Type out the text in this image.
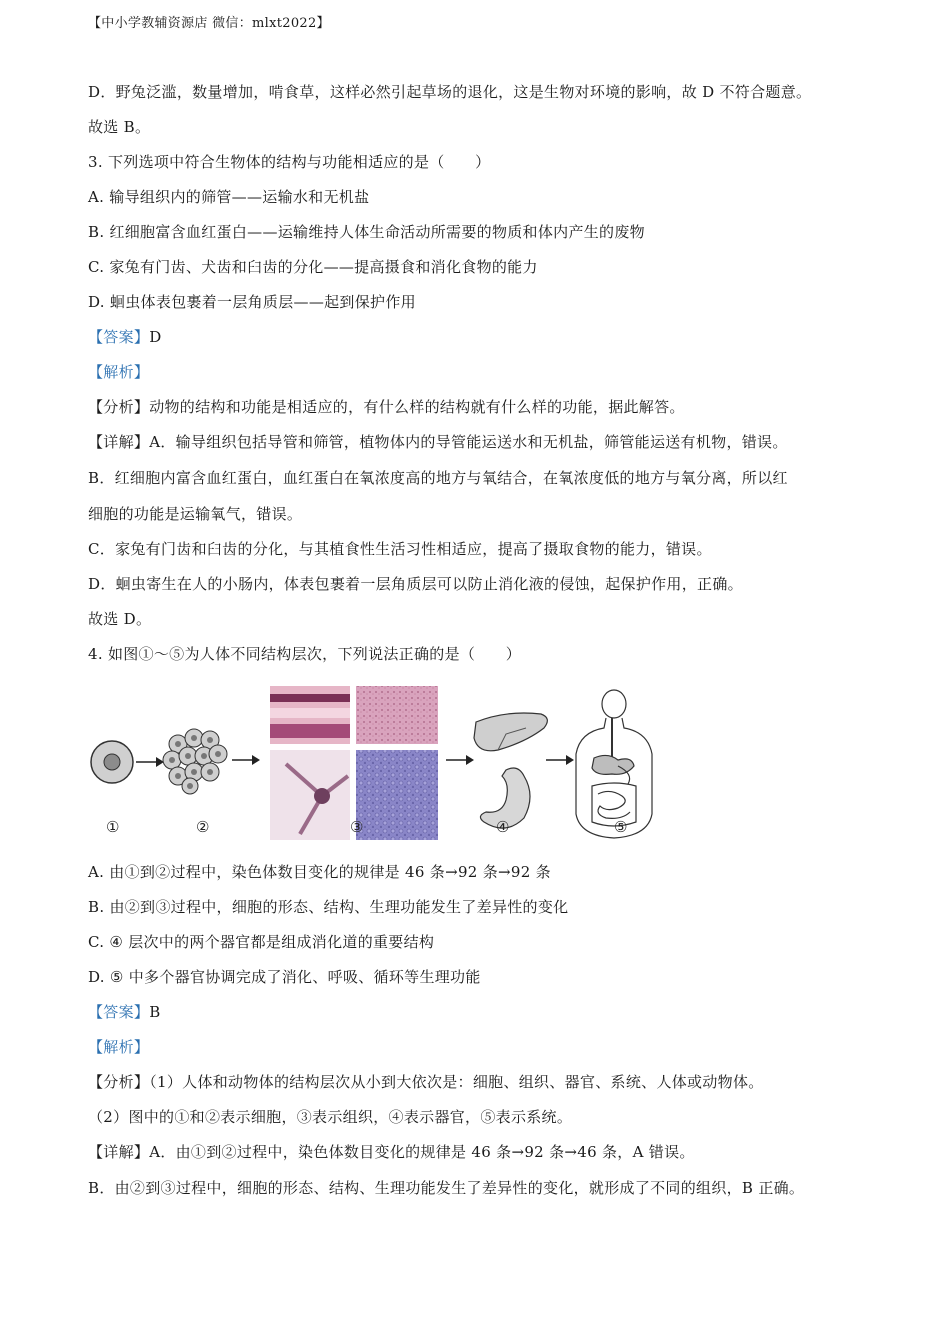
【中小学教辅资源店 微信：mlxt2022】
D．野兔泛滥，数量增加，啃食草，这样必然引起草场的退化，这是生物对环境的影响，故 D 不符合题意。
故选 B。
3. 下列选项中符合生物体的结构与功能相适应的是（　　）
A. 输导组织内的筛管——运输水和无机盐
B. 红细胞富含血红蛋白——运输维持人体生命活动所需要的物质和体内产生的废物
C. 家兔有门齿、犬齿和臼齿的分化——提高摄食和消化食物的能力
D. 蛔虫体表包裹着一层角质层——起到保护作用
【答案】D
【解析】
【分析】动物的结构和功能是相适应的，有什么样的结构就有什么样的功能，据此解答。
【详解】A．输导组织包括导管和筛管，植物体内的导管能运送水和无机盐，筛管能运送有机物，错误。
B．红细胞内富含血红蛋白，血红蛋白在氧浓度高的地方与氧结合，在氧浓度低的地方与氧分离，所以红
细胞的功能是运输氧气，错误。
C．家兔有门齿和臼齿的分化，与其植食性生活习性相适应，提高了摄取食物的能力，错误。
D．蛔虫寄生在人的小肠内，体表包裹着一层角质层可以防止消化液的侵蚀，起保护作用，正确。
故选 D。
4. 如图①～⑤为人体不同结构层次，下列说法正确的是（　　）
①	②	③	④	⑤
A. 由①到②过程中，染色体数目变化的规律是 46 条→92 条→92 条
B. 由②到③过程中，细胞的形态、结构、生理功能发生了差异性的变化
C. ④ 层次中的两个器官都是组成消化道的重要结构
D. ⑤ 中多个器官协调完成了消化、呼吸、循环等生理功能
【答案】B
【解析】
【分析】（1）人体和动物体的结构层次从小到大依次是：细胞、组织、器官、系统、人体或动物体。
（2）图中的①和②表示细胞，③表示组织，④表示器官，⑤表示系统。
【详解】A．由①到②过程中，染色体数目变化的规律是 46 条→92 条→46 条，A 错误。
B．由②到③过程中，细胞的形态、结构、生理功能发生了差异性的变化，就形成了不同的组织，B 正确。
